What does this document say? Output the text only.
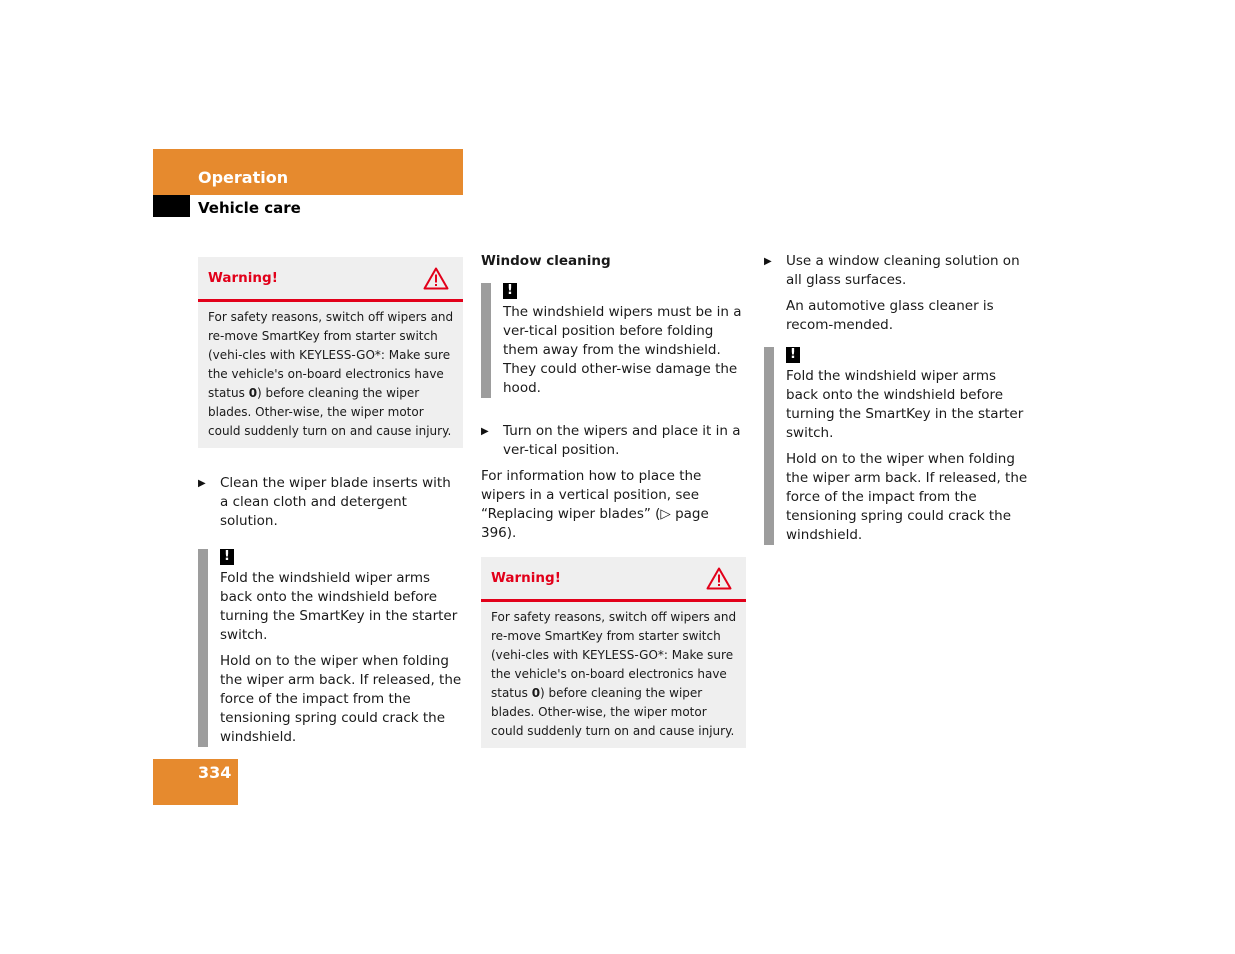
Operation
Vehicle care
Warning!
For safety reasons, switch off wipers and re-move SmartKey from starter switch (vehi-cles with KEYLESS-GO*: Make sure the vehicle's on-board electronics have status 0) before cleaning the wiper blades. Other-wise, the wiper motor could suddenly turn on and cause injury.
▶ Clean the wiper blade inserts with a clean cloth and detergent solution.
!

Fold the windshield wiper arms back onto the windshield before turning the SmartKey in the starter switch.

Hold on to the wiper when folding the wiper arm back. If released, the force of the impact from the tensioning spring could crack the windshield.

Window cleaning
!

The windshield wipers must be in a ver-tical position before folding them away from the windshield. They could other-wise damage the hood.

▶ Turn on the wipers and place it in a ver-tical position.
For information how to place the wipers in a vertical position, see “Replacing wiper blades” (▷ page 396).
Warning!
For safety reasons, switch off wipers and re-move SmartKey from starter switch (vehi-cles with KEYLESS-GO*: Make sure the vehicle's on-board electronics have status 0) before cleaning the wiper blades. Other-wise, the wiper motor could suddenly turn on and cause injury.
▶ Use a window cleaning solution on all glass surfaces.
An automotive glass cleaner is recom-mended.
!

Fold the windshield wiper arms back onto the windshield before turning the SmartKey in the starter switch.

Hold on to the wiper when folding the wiper arm back. If released, the force of the impact from the tensioning spring could crack the windshield.

334
